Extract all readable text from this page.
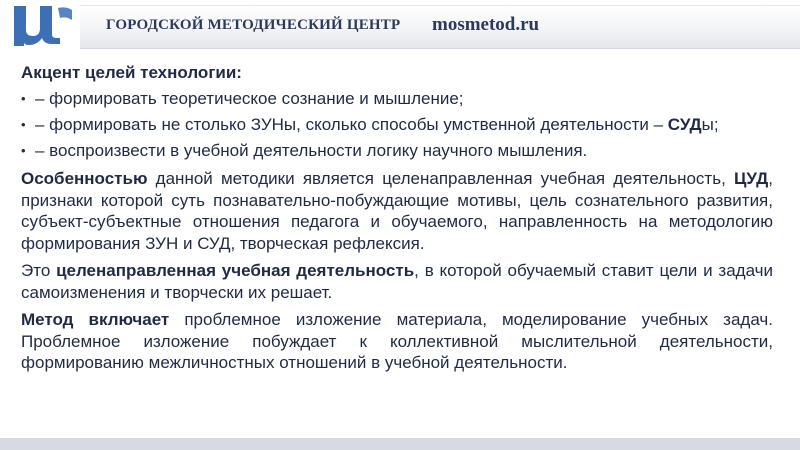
ГОРОДСКОЙ МЕТОДИЧЕСКИЙ ЦЕНТР mosmetod.ru
Акцент целей технологии:
• – формировать теоретическое сознание и мышление;
• – формировать не столько ЗУНы, сколько способы умственной деятельности – СУДы;
• – воспроизвести в учебной деятельности логику научного мышления.

Особенностью данной методики является целенаправленная учебная деятельность, ЦУД, признаки которой суть познавательно-побуждающие мотивы, цель сознательного развития, субъект-субъектные отношения педагога и обучаемого, направленность на методологию формирования ЗУН и СУД, творческая рефлексия.

Это целенаправленная учебная деятельность, в которой обучаемый ставит цели и задачи самоизменения и творчески их решает.

Метод включает проблемное изложение материала, моделирование учебных задач. Проблемное изложение побуждает к коллективной мыслительной деятельности, формированию межличностных отношений в учебной деятельности.
